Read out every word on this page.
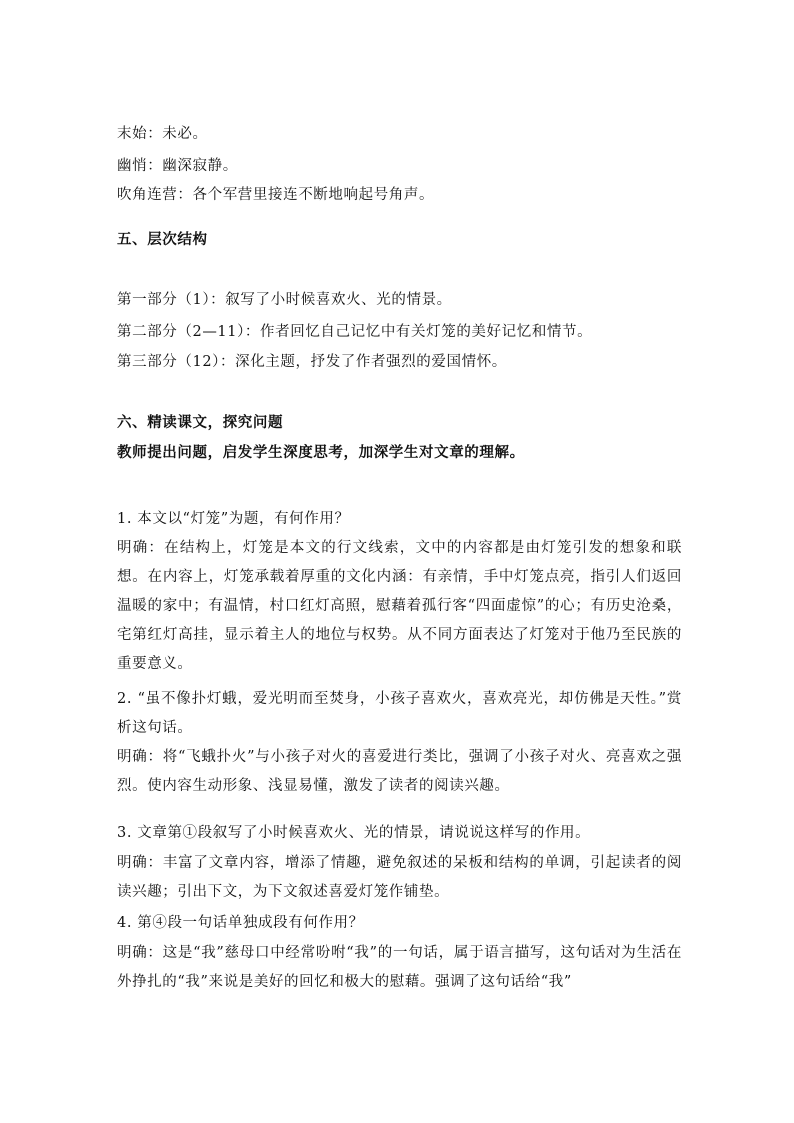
末始：未必。
幽悄：幽深寂静。
吹角连营：各个军营里接连不断地响起号角声。
五、层次结构
第一部分（1）：叙写了小时候喜欢火、光的情景。
第二部分（2—11）：作者回忆自己记忆中有关灯笼的美好记忆和情节。
第三部分（12）：深化主题，抒发了作者强烈的爱国情怀。
六、精读课文，探究问题
教师提出问题，启发学生深度思考，加深学生对文章的理解。
1. 本文以“灯笼”为题，有何作用？
明确：在结构上，灯笼是本文的行文线索，文中的内容都是由灯笼引发的想象和联想。在内容上，灯笼承载着厚重的文化内涵：有亲情，手中灯笼点亮，指引人们返回温暖的家中；有温情，村口红灯高照，慰藉着孤行客“四面虚惊”的心；有历史沧桑，宅第红灯高挂，显示着主人的地位与权势。从不同方面表达了灯笼对于他乃至民族的重要意义。
2. “虽不像扑灯蛾，爱光明而至焚身，小孩子喜欢火，喜欢亮光，却仿佛是天性。”赏析这句话。
明确：将“飞蛾扑火”与小孩子对火的喜爱进行类比，强调了小孩子对火、亮喜欢之强烈。使内容生动形象、浅显易懂，激发了读者的阅读兴趣。
3. 文章第①段叙写了小时候喜欢火、光的情景，请说说这样写的作用。
明确：丰富了文章内容，增添了情趣，避免叙述的呆板和结构的单调，引起读者的阅读兴趣；引出下文，为下文叙述喜爱灯笼作铺垫。
4. 第④段一句话单独成段有何作用？
明确：这是“我”慈母口中经常吩咐“我”的一句话，属于语言描写，这句话对为生活在外挣扎的“我”来说是美好的回忆和极大的慰藉。强调了这句话给“我”
